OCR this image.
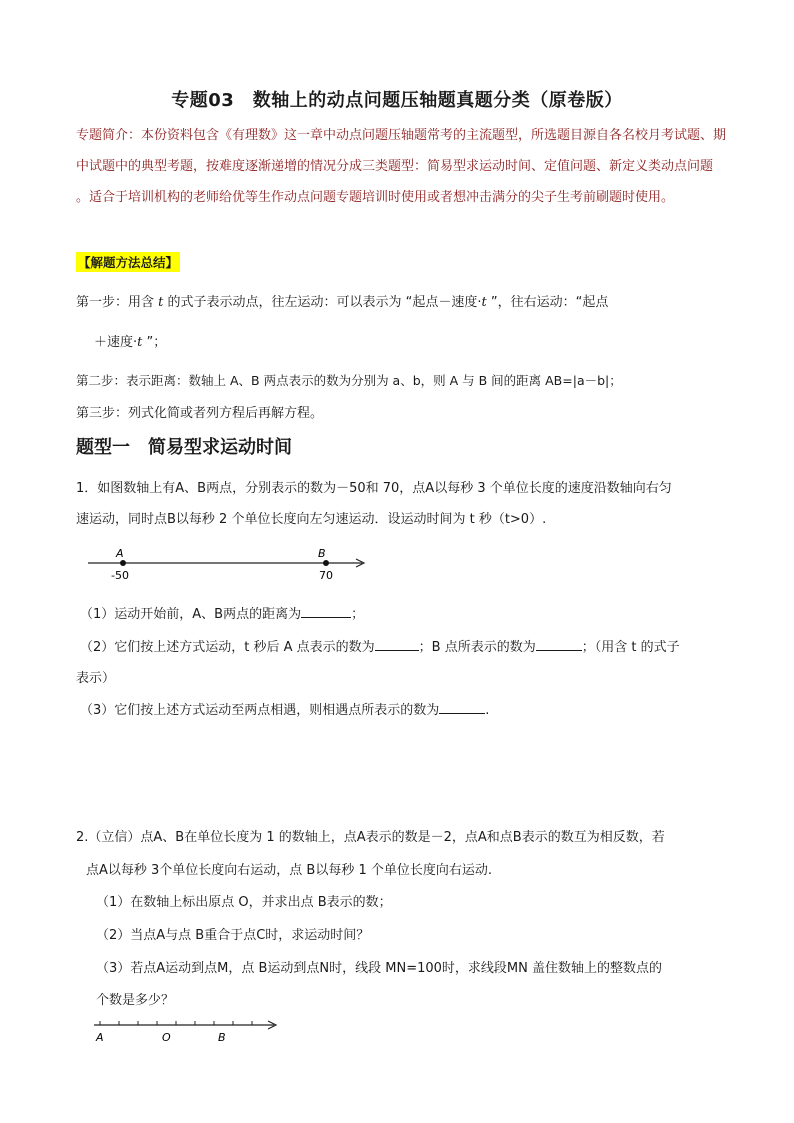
专题03　数轴上的动点问题压轴题真题分类（原卷版）
专题简介：本份资料包含《有理数》这一章中动点问题压轴题常考的主流题型，所选题目源自各名校月考试题、期中试题中的典型考题，按难度逐渐递增的情况分成三类题型：简易型求运动时间、定值问题、新定义类动点问题 。适合于培训机构的老师给优等生作动点问题专题培训时使用或者想冲击满分的尖子生考前刷题时使用。
【解题方法总结】
第一步：用含 t 的式子表示动点，往左运动：可以表示为 “起点－速度·t ”，往右运动：“起点
＋速度·t ”；
第二步：表示距离：数轴上 A、B 两点表示的数为分别为 a、b，则 A 与 B 间的距离 AB=|a－b|；
第三步：列式化简或者列方程后再解方程。
题型一　简易型求运动时间
1．如图数轴上有A、B两点，分别表示的数为－50和 70，点A以每秒 3 个单位长度的速度沿数轴向右匀
速运动，同时点B以每秒 2 个单位长度向左匀速运动．设运动时间为 t 秒（t>0）.
A	B
-50	70
（1）运动开始前，A、B两点的距离为	；
（2）它们按上述方式运动，t 秒后 A 点表示的数为	；B 点所表示的数为	；（用含 t 的式子
表示）
（3）它们按上述方式运动至两点相遇，则相遇点所表示的数为	.
2.（立信）点A、B在单位长度为 1 的数轴上，点A表示的数是－2，点A和点B表示的数互为相反数，若
点A以每秒 3个单位长度向右运动，点 B以每秒 1 个单位长度向右运动.
（1）在数轴上标出原点 O，并求出点 B表示的数；
（2）当点A与点 B重合于点C时，求运动时间？
（3）若点A运动到点M，点 B运动到点N时，线段 MN=100时，求线段MN 盖住数轴上的整数点的
个数是多少？
A	O	B
